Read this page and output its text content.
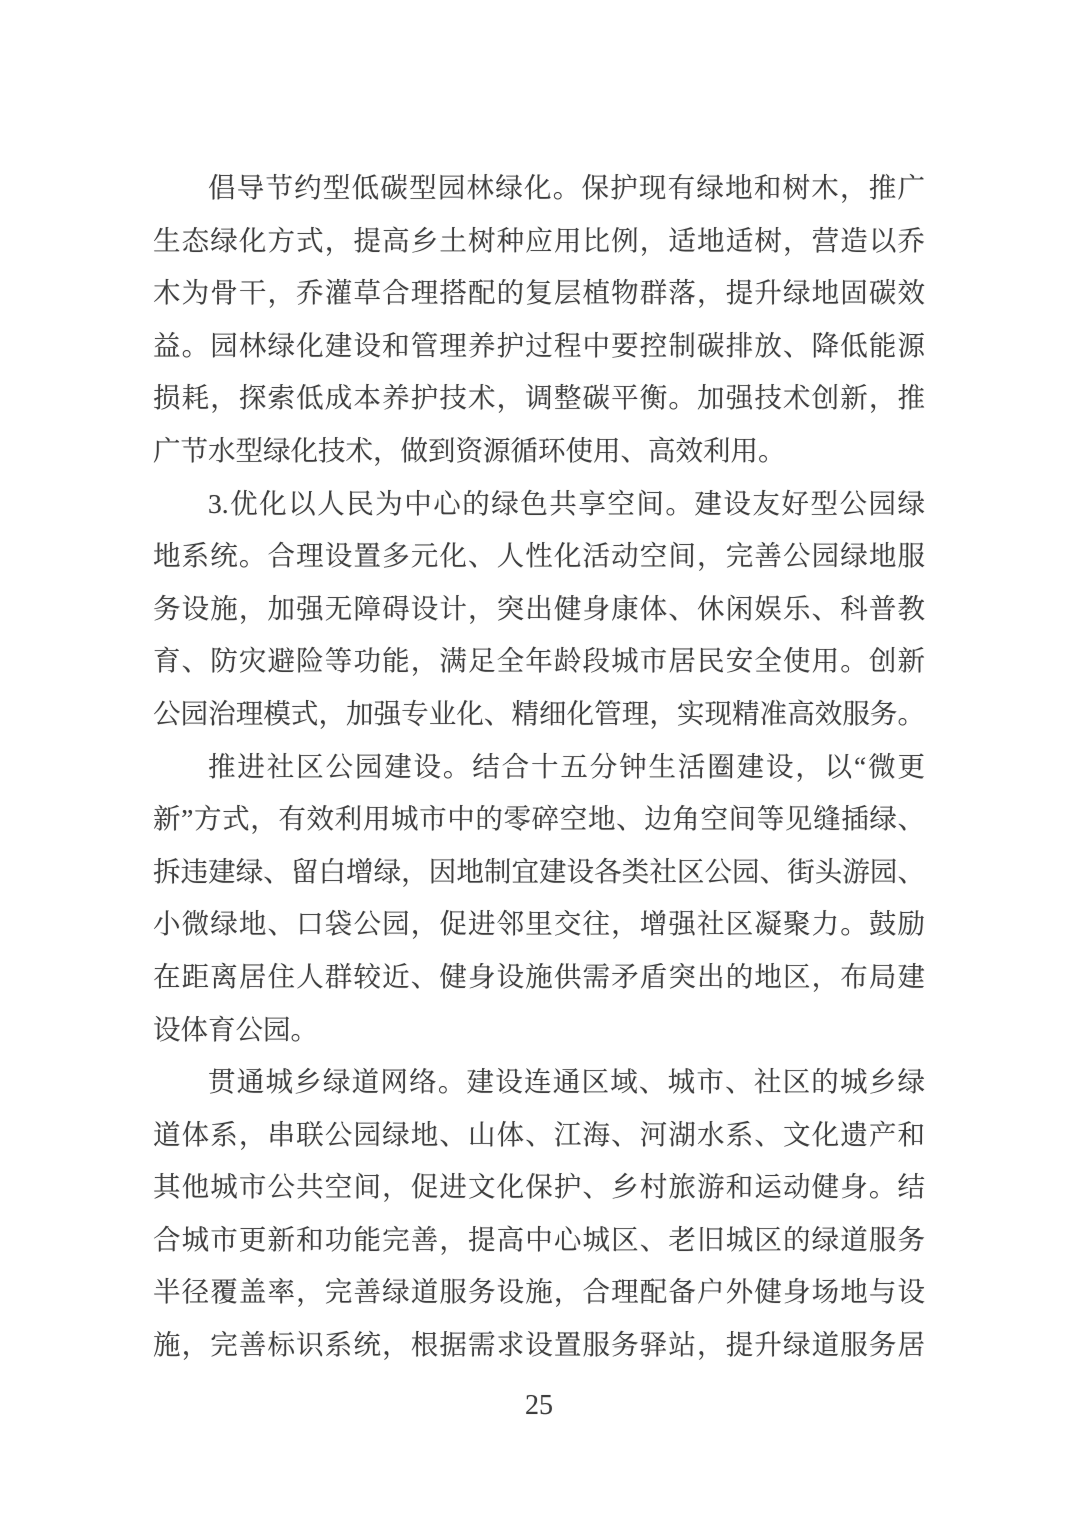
倡导节约型低碳型园林绿化。保护现有绿地和树木，推广
生态绿化方式，提高乡土树种应用比例，适地适树，营造以乔
木为骨干，乔灌草合理搭配的复层植物群落，提升绿地固碳效
益。园林绿化建设和管理养护过程中要控制碳排放、降低能源
损耗，探索低成本养护技术，调整碳平衡。加强技术创新，推
广节水型绿化技术，做到资源循环使用、高效利用。
3.优化以人民为中心的绿色共享空间。建设友好型公园绿
地系统。合理设置多元化、人性化活动空间，完善公园绿地服
务设施，加强无障碍设计，突出健身康体、休闲娱乐、科普教
育、防灾避险等功能，满足全年龄段城市居民安全使用。创新
公园治理模式，加强专业化、精细化管理，实现精准高效服务。
推进社区公园建设。结合十五分钟生活圈建设，以“微更
新”方式，有效利用城市中的零碎空地、边角空间等见缝插绿、
拆违建绿、留白增绿，因地制宜建设各类社区公园、街头游园、
小微绿地、口袋公园，促进邻里交往，增强社区凝聚力。鼓励
在距离居住人群较近、健身设施供需矛盾突出的地区，布局建
设体育公园。
贯通城乡绿道网络。建设连通区域、城市、社区的城乡绿
道体系，串联公园绿地、山体、江海、河湖水系、文化遗产和
其他城市公共空间，促进文化保护、乡村旅游和运动健身。结
合城市更新和功能完善，提高中心城区、老旧城区的绿道服务
半径覆盖率，完善绿道服务设施，合理配备户外健身场地与设
施，完善标识系统，根据需求设置服务驿站，提升绿道服务居
25
